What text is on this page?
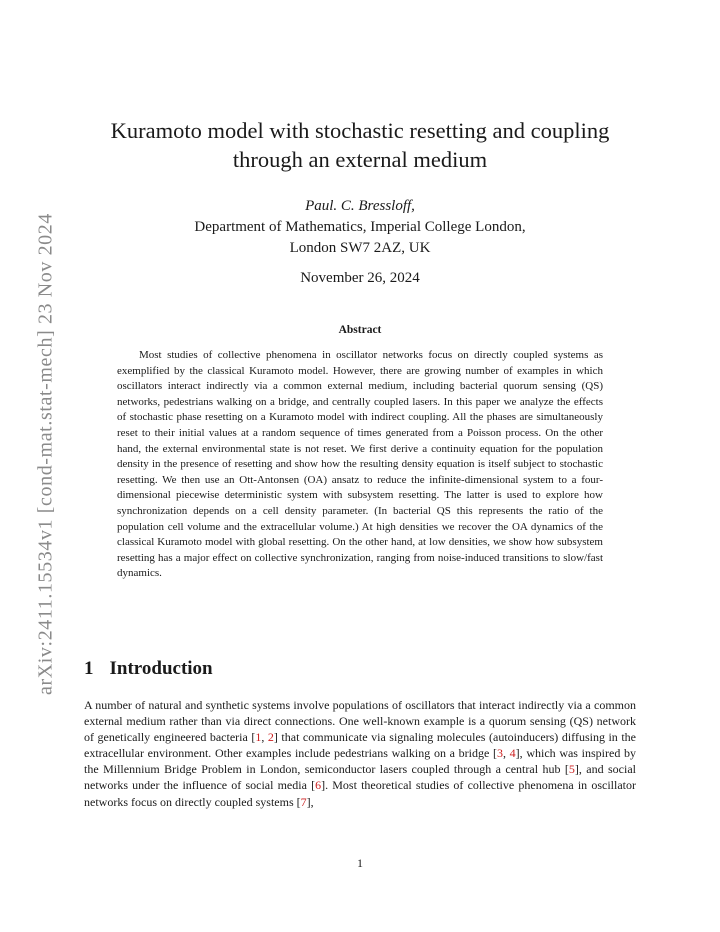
arXiv:2411.15534v1 [cond-mat.stat-mech] 23 Nov 2024
Kuramoto model with stochastic resetting and coupling
through an external medium
Paul. C. Bressloff,
Department of Mathematics, Imperial College London,
London SW7 2AZ, UK
November 26, 2024
Abstract

Most studies of collective phenomena in oscillator networks focus on directly coupled systems as exemplified by the classical Kuramoto model. However, there are growing number of examples in which oscillators interact indirectly via a common external medium, including bacterial quorum sensing (QS) networks, pedestrians walking on a bridge, and centrally coupled lasers. In this paper we analyze the effects of stochastic phase resetting on a Kuramoto model with indirect coupling. All the phases are simultaneously reset to their initial values at a random sequence of times generated from a Poisson process. On the other hand, the external environmental state is not reset. We first derive a continuity equation for the population density in the presence of resetting and show how the resulting density equation is itself subject to stochastic resetting. We then use an Ott-Antonsen (OA) ansatz to reduce the infinite-dimensional system to a four-dimensional piecewise deterministic system with subsystem resetting. The latter is used to explore how synchronization depends on a cell density parameter. (In bacterial QS this represents the ratio of the population cell volume and the extracellular volume.) At high densities we recover the OA dynamics of the classical Kuramoto model with global resetting. On the other hand, at low densities, we show how subsystem resetting has a major effect on collective synchronization, ranging from noise-induced transitions to slow/fast dynamics.

1 Introduction

A number of natural and synthetic systems involve populations of oscillators that interact indirectly via a common external medium rather than via direct connections. One well-known example is a quorum sensing (QS) network of genetically engineered bacteria [1, 2] that communicate via signaling molecules (autoinducers) diffusing in the extracellular environment. Other examples include pedestrians walking on a bridge [3, 4], which was inspired by the Millennium Bridge Problem in London, semiconductor lasers coupled through a central hub [5], and social networks under the influence of social media [6]. Most theoretical studies of collective phenomena in oscillator networks focus on directly coupled systems [7],

1
